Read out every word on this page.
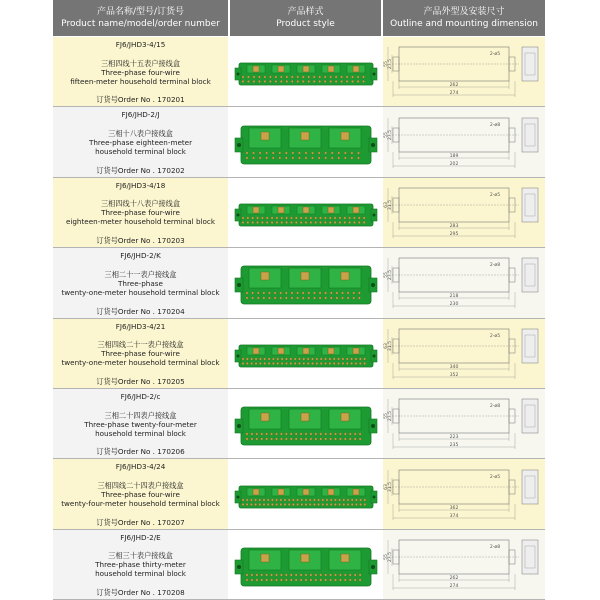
产品名称/型号/订货号
Product name/model/order number
产品样式
Product style
产品外型及安装尺寸
Outline and mounting dimension
FJ6/JHD3-4/15
三相四线十五表户接线盒
Three-phase four-wire
fifteen-meter household terminal block
订货号Order No . 170201
55 27.5
262
274
2-ø5
FJ6/JHD-2/J
三相十八表户接线盒
Three-phase eighteen-meter
household terminal block
订货号Order No . 170202
55 27.5
189
202
2-ø8
FJ6/JHD3-4/18
三相四线十八表户接线盒
Three-phase four-wire
eighteen-meter household terminal block
订货号Order No . 170203
63 31.5
283
295
2-ø5
FJ6/JHD-2/K
三相二十一表户接线盒
Three-phase
twenty-one-meter household terminal block
订货号Order No . 170204
55 27.5
218
230
2-ø8
FJ6/JHD3-4/21
三相四线二十一表户接线盒
Three-phase four-wire
twenty-one-meter household terminal block
订货号Order No . 170205
63 31.5
340
352
2-ø5
FJ6/JHD-2/c
三相二十四表户接线盒
Three-phase twenty-four-meter
household terminal block
订货号Order No . 170206
55 27.5
223
235
2-ø8
FJ6/JHD3-4/24
三相四线二十四表户接线盒
Three-phase four-wire
twenty-four-meter household terminal block
订货号Order No . 170207
63 31.5
362
374
2-ø5
FJ6/JHD-2/E
三相三十表户接线盒
Three-phase thirty-meter
household terminal block
订货号Order No . 170208
55 27.5
262
274
2-ø8
